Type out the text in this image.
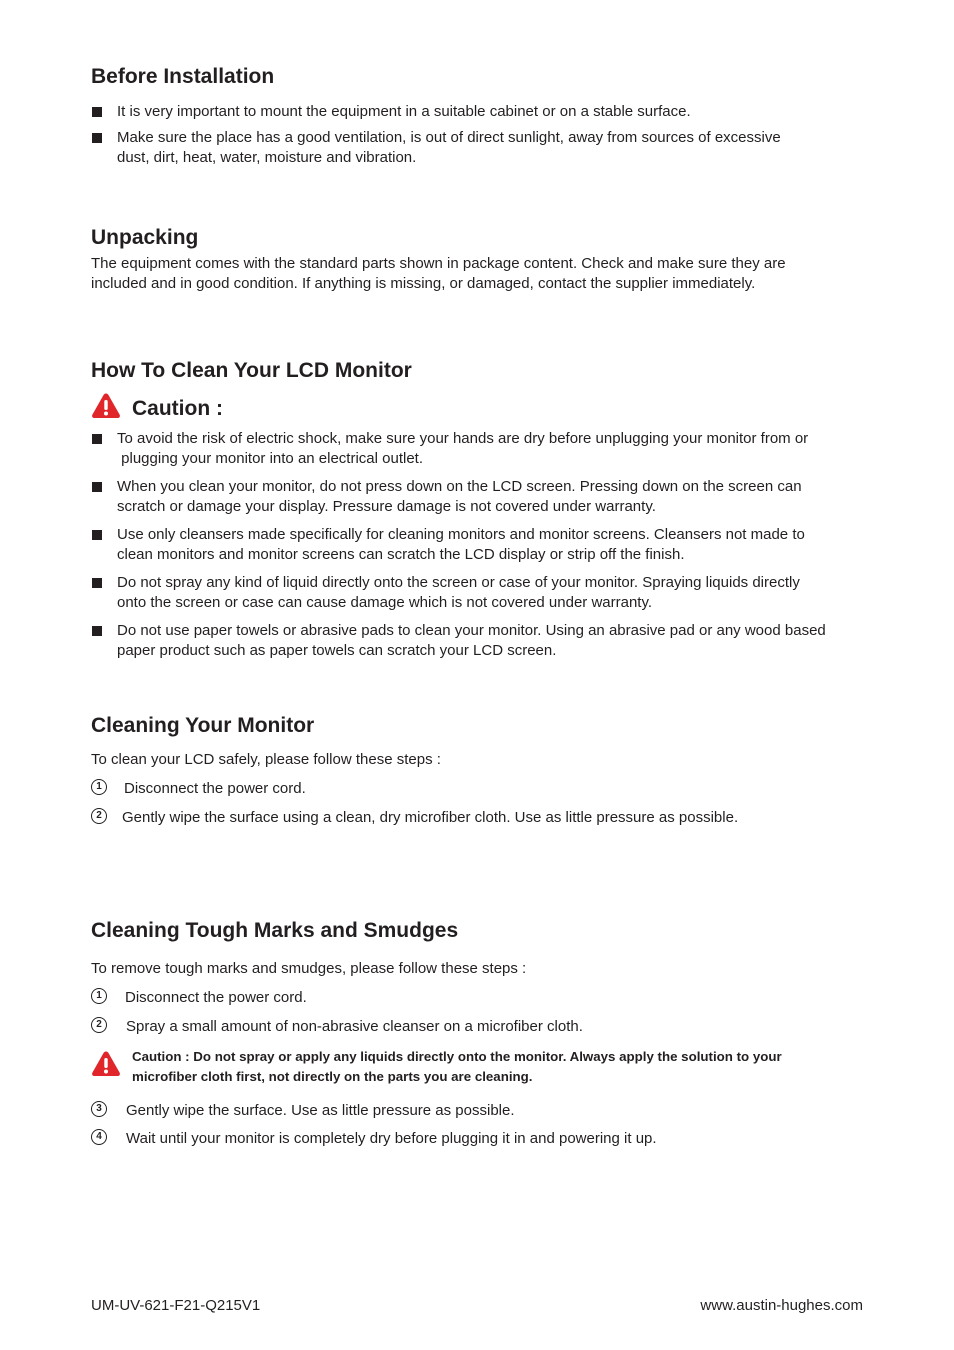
Before Installation
It is very important to mount the equipment in a suitable cabinet or on a stable surface.
Make sure the place has a good ventilation, is out of direct sunlight, away from sources of excessive
dust, dirt, heat, water, moisture and vibration.
Unpacking
The equipment comes with the standard parts shown in package content. Check and make sure they are
included and in good condition. If anything is missing, or damaged, contact the supplier immediately.
How To Clean Your LCD Monitor
Caution :
To avoid the risk of electric shock, make sure your hands are dry before unplugging your monitor from or
plugging your monitor into an electrical outlet.
When you clean your monitor, do not press down on the LCD screen. Pressing down on the screen can
scratch or damage your display. Pressure damage is not covered under warranty.
Use only cleansers made specifically for cleaning monitors and monitor screens. Cleansers not made to
clean monitors and monitor screens can scratch the LCD display or strip off the finish.
Do not spray any kind of liquid directly onto the screen or case of your monitor. Spraying liquids directly
onto the screen or case can cause damage which is not covered under warranty.
Do not use paper towels or abrasive pads to clean your monitor. Using an abrasive pad or any wood based
paper product such as paper towels can scratch your LCD screen.
Cleaning Your Monitor
To clean your LCD safely, please follow these steps :
1	Disconnect the power cord.
2	Gently wipe the surface using a clean, dry microfiber cloth. Use as little pressure as possible.
Cleaning Tough Marks and Smudges
To remove tough marks and smudges, please follow these steps :
1	Disconnect the power cord.
2	Spray a small amount of non-abrasive cleanser on a microfiber cloth.
Caution : Do not spray or apply any liquids directly onto the monitor. Always apply the solution to your
microfiber cloth first, not directly on the parts you are cleaning.
3	Gently wipe the surface. Use as little pressure as possible.
4	Wait until your monitor is completely dry before plugging it in and powering it up.
UM-UV-621-F21-Q215V1	www.austin-hughes.com
